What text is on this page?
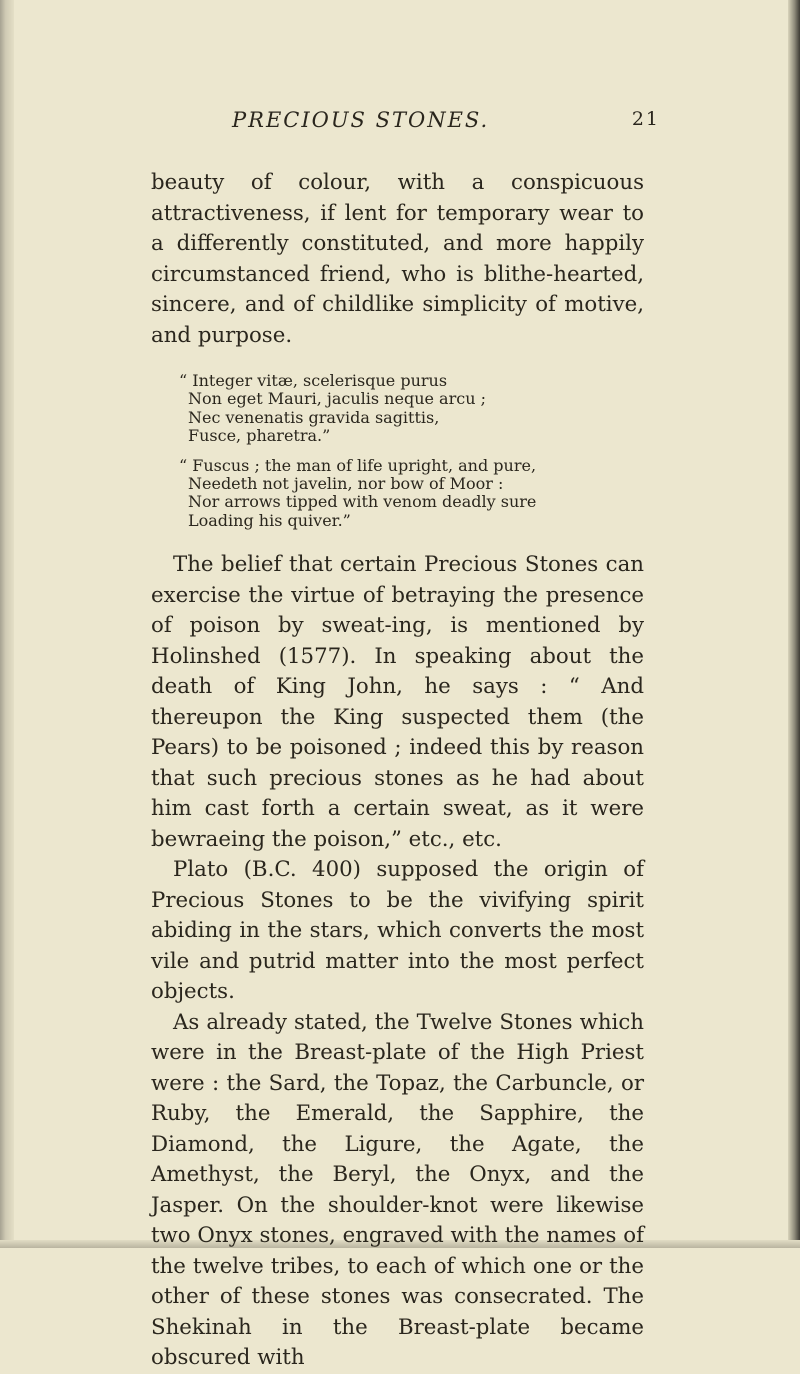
PRECIOUS STONES.	21

beauty of colour, with a conspicuous attractiveness, if lent for temporary wear to a differently constituted, and more happily circumstanced friend, who is blithe-hearted, sincere, and of childlike simplicity of motive, and purpose.

“ Integer vitæ, scelerisque purus
Non eget Mauri, jaculis neque arcu ;
Nec venenatis gravida sagittis,
Fusce, pharetra.”
“ Fuscus ; the man of life upright, and pure,
Needeth not javelin, nor bow of Moor :
Nor arrows tipped with venom deadly sure
Loading his quiver.”

The belief that certain Precious Stones can exercise the virtue of betraying the presence of poison by sweat-ing, is mentioned by Holinshed (1577). In speaking about the death of King John, he says : “ And thereupon the King suspected them (the Pears) to be poisoned ; indeed this by reason that such precious stones as he had about him cast forth a certain sweat, as it were bewraeing the poison,” etc., etc.

Plato (B.C. 400) supposed the origin of Precious Stones to be the vivifying spirit abiding in the stars, which converts the most vile and putrid matter into the most perfect objects.

As already stated, the Twelve Stones which were in the Breast-plate of the High Priest were : the Sard, the Topaz, the Carbuncle, or Ruby, the Emerald, the Sapphire, the Diamond, the Ligure, the Agate, the Amethyst, the Beryl, the Onyx, and the Jasper. On the shoulder-knot were likewise two Onyx stones, engraved with the names of the twelve tribes, to each of which one or the other of these stones was consecrated. The Shekinah in the Breast-plate became obscured with
